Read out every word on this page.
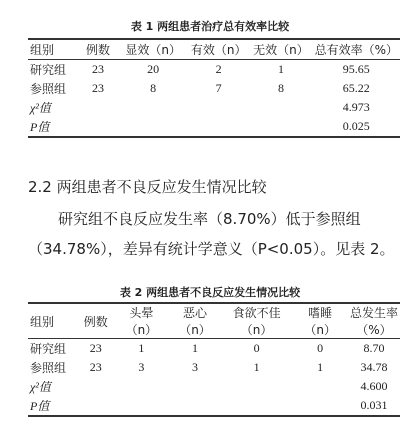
表 1 两组患者治疗总有效率比较
组别	例数	显效（n）	有效（n）	无效（n）	总有效率（%）
研究组	23	20	2	1	95.65
参照组	23	8	7	8	65.22
χ²值					4.973
P值					0.025
2.2 两组患者不良反应发生情况比较
研究组不良反应发生率（8.70%）低于参照组
（34.78%），差异有统计学意义（P<0.05）。见表 2。
表 2 两组患者不良反应发生情况比较
组别	例数	头晕	恶心	食欲不佳	嗜睡	总发生率
		（n）	（n）	（n）	（n）	（%）
研究组	23	1	1	0	0	8.70
参照组	23	3	3	1	1	34.78
χ²值						4.600
P值						0.031
